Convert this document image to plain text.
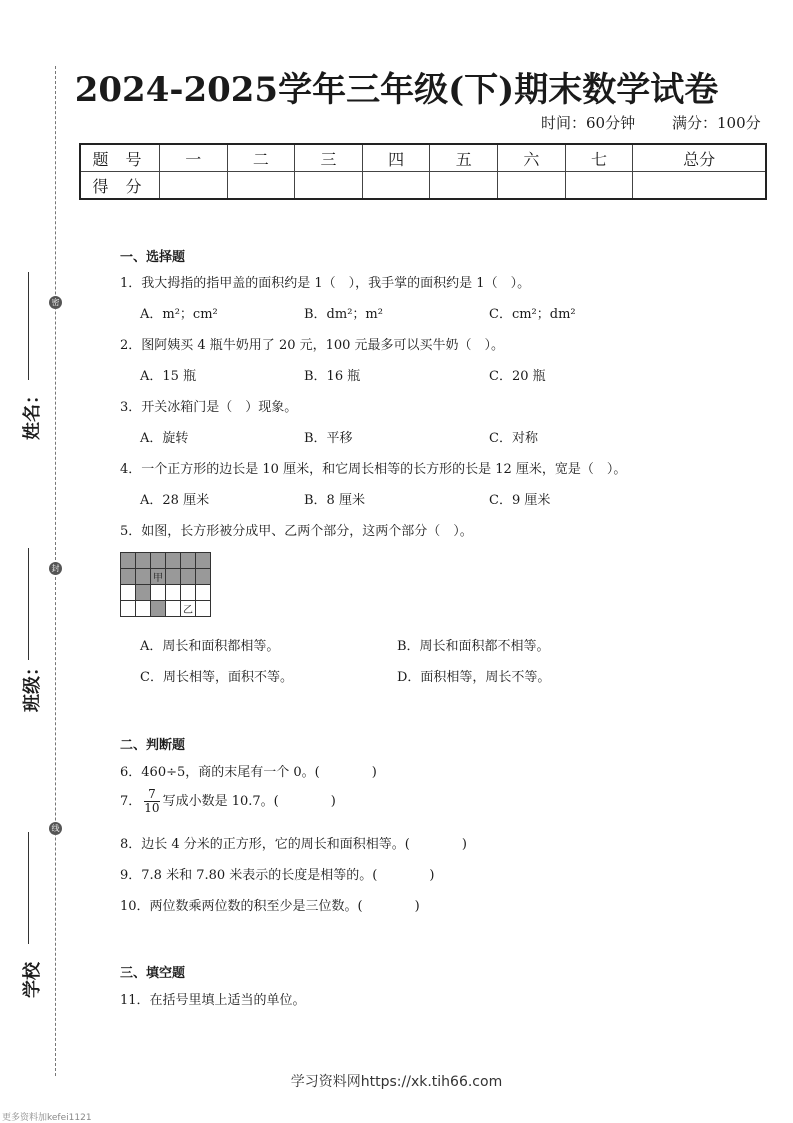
密
封
线
姓名：
班级：
学校
2024-2025学年三年级(下)期末数学试卷
时间：60分钟 满分：100分
题 号	一	二	三	四	五	六	七	总分
得 分								
一、选择题
1．我大拇指的指甲盖的面积约是 1（　），我手掌的面积约是 1（　）。
A．m²；cm²	B．dm²；m²	C．cm²；dm²
2．图阿姨买 4 瓶牛奶用了 20 元，100 元最多可以买牛奶（　）。
A．15 瓶	B．16 瓶	C．20 瓶
3．开关冰箱门是（　）现象。
A．旋转	B．平移	C．对称
4．一个正方形的边长是 10 厘米，和它周长相等的长方形的长是 12 厘米，宽是（　）。
A．28 厘米	B．8 厘米	C．9 厘米
5．如图，长方形被分成甲、乙两个部分，这两个部分（　）。

		甲			

				乙	
A．周长和面积都相等。	B．周长和面积都不相等。
C．周长相等，面积不等。	D．面积相等，周长不等。
二、判断题
6．460÷5，商的末尾有一个 0。(　　　　)
7． $\frac{7}{10}$ 写成小数是 10.7。(　　　　)
8．边长 4 分米的正方形，它的周长和面积相等。(　　　　)
9．7.8 米和 7.80 米表示的长度是相等的。(　　　　)
10．两位数乘两位数的积至少是三位数。(　　　　)
三、填空题
11．在括号里填上适当的单位。
学习资料网https://xk.tih66.com
更多资料加kefei1121
